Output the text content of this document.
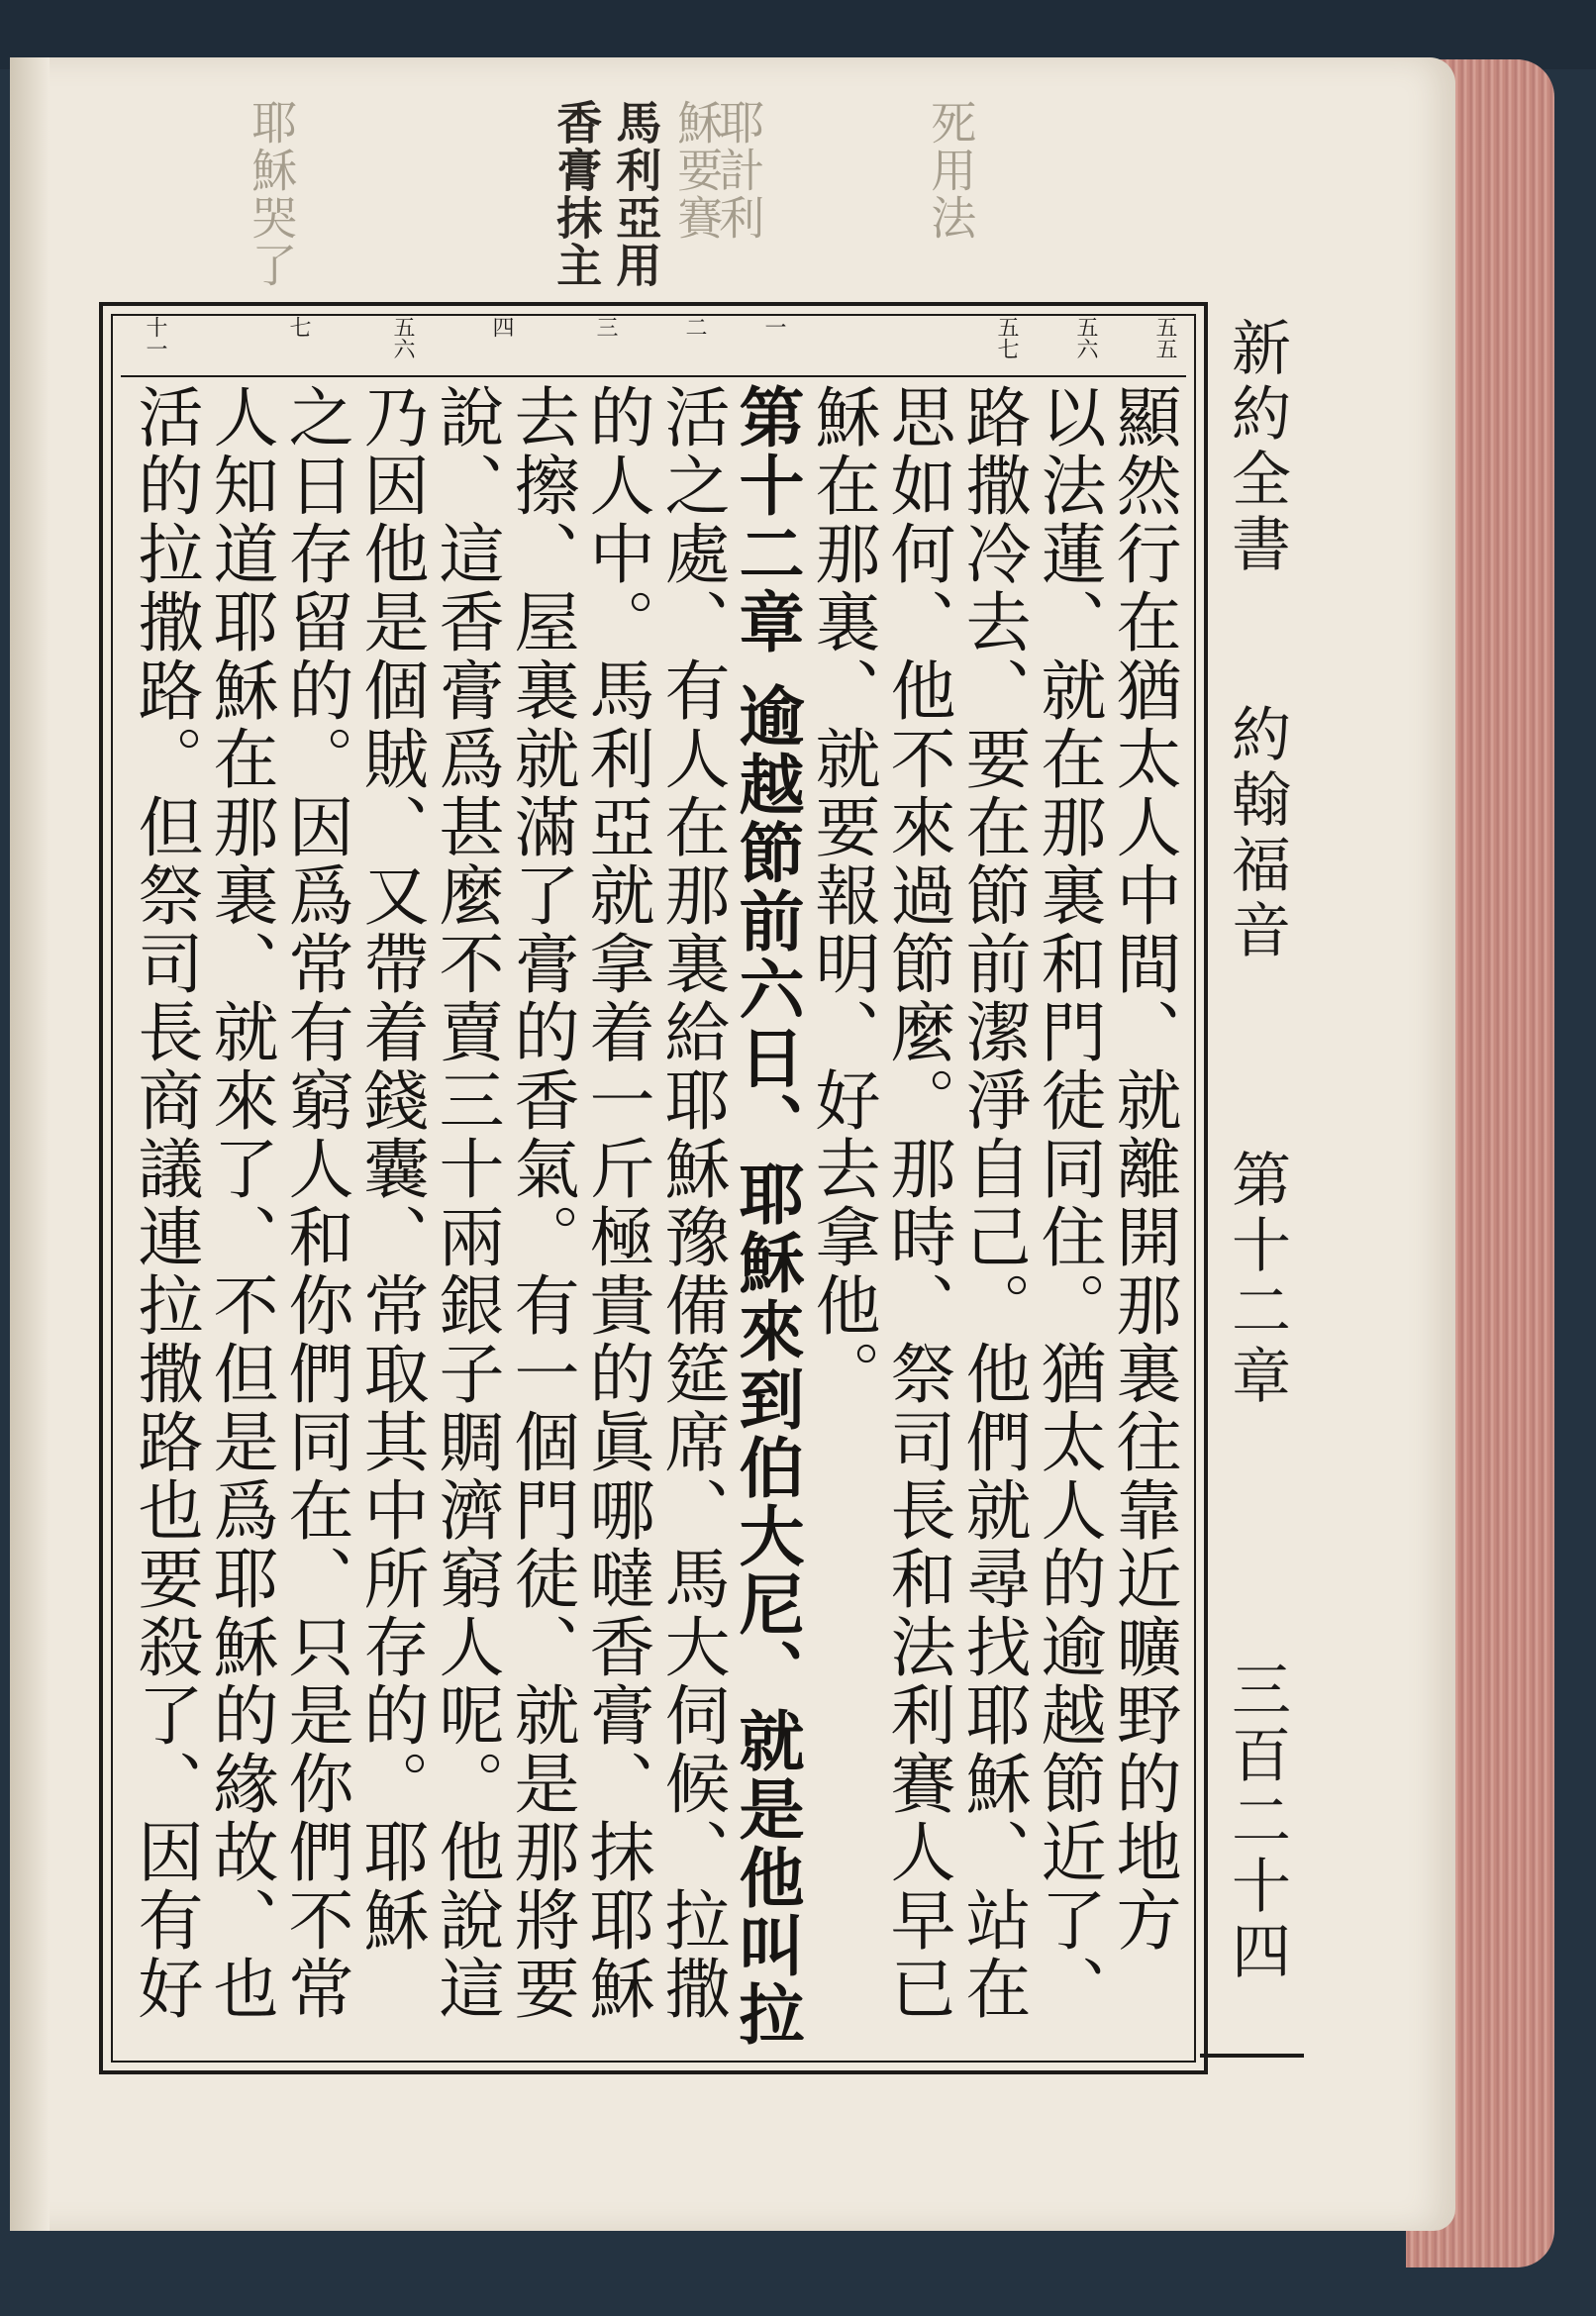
馬利亞用
香膏抹主	死用法
耶計利
穌要賽
耶穌哭了
新約全書
約翰福音
第十二章
三百二十四
五五
五六
五七
一
二
三
四
五六
七
十一
顯然行在猶太人中間、就離開那裏往靠近曠野的地方
以法蓮、就在那裏和門徒同住。猶太人的逾越節近了、
路撒冷去、要在節前潔淨自己。他們就尋找耶穌、站在
思如何、他不來過節麼。那時、祭司長和法利賽人早已
穌在那裏、就要報明、好去拿他。
第十二章 逾越節前六日、耶穌來到伯大尼、就是他叫拉
活之處、有人在那裏給耶穌豫備筵席、馬大伺候、拉撒
的人中。馬利亞就拿着一斤極貴的眞哪噠香膏、抹耶穌
去擦、屋裏就滿了膏的香氣。有一個門徒、就是那將要
說、這香膏爲甚麼不賣三十兩銀子賙濟窮人呢。他說這
乃因他是個賊、又帶着錢囊、常取其中所存的。耶穌
之日存留的。因爲常有窮人和你們同在、只是你們不常
人知道耶穌在那裏、就來了、不但是爲耶穌的緣故、也
活的拉撒路。但祭司長商議連拉撒路也要殺了、因有好
